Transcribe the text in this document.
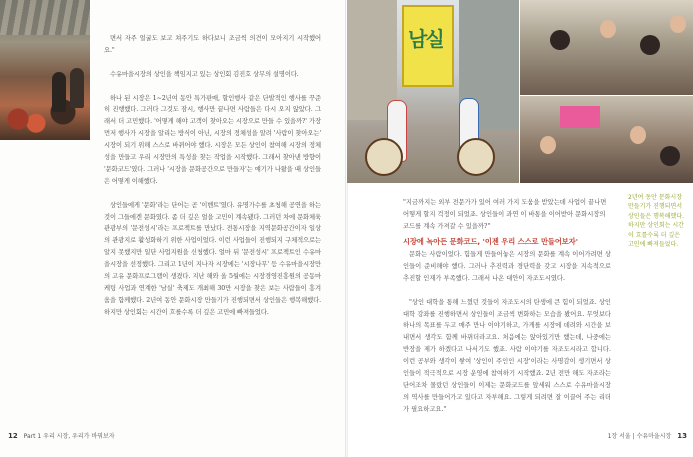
면서 자주 얼굴도 보고 쳐주기도 하다보니 조금씩 의견이 모아지기 시작했어요."

수유마을시장의 상인을 책임지고 있는 상인회 김진호 상무의 설명이다.

하나 된 시장은 1~2년여 동안 특가판매, 할인행사 같은 단발적인 행사를 꾸준히 진행했다. 그러다 그것도 잠시, 행사만 끝나면 사람들은 다시 오지 않았다. 그래서 더 고민했다. '어떻게 해야 고객이 찾아오는 시장으로 만들 수 있을까?' 가장 먼저 행사가 시장을 알리는 방식이 아닌, 시장의 정체성을 알려 '사람이 찾아오는' 시장이 되기 위해 스스로 바뀌어야 했다. 시장은 모든 상인이 참여해 시장의 정체성을 만들고 우리 시장만의 특성을 찾는 작업을 시작했다. 그래서 찾아낸 방향이 '문화코드'였다. 그러나 '시장을 문화공간으로 만들자'는 얘기가 나왔을 때 상인들은 어떻게 이해했다.

상인들에게 '문화'라는 단어는 곧 '이벤트'였다. 유명가수를 초청해 공연을 하는 것이 그들에겐 문화였다. 좀 더 깊은 얼을 고민이 계속됐다. 그러던 차에 문화체육관광부의 '문전성시'라는 프로젝트를 만났다. 전통시장을 지역문화공간이자 일상의 관광지로 활성화하기 위한 사업이었다. 이런 사업들이 진행되지 구체적으로는 알지 못했지만 일단 사업지원을 신청했다. 얼마 뒤 '문전성시' 프로젝트인 수유마을시장을 선정했다. 그리고 1년이 지나자 시장에는 '시장나무' 등 수유마을시장만의 고유 문화프로그램이 생겼다. 지난 해와 올 5월에는 시장경영진흥원의 공동마케팅 사업과 연계한 '남실' 축제도 개최해 30만 시장을 찾은 보는 사람들이 흥겨움을 함께했다. 2년여 동안 문화시장 만들기가 진행되면서 상인들은 행복해했다. 하지만 상인회는 시간이 흐를수록 더 깊은 고민에 빠져들었다.

남실
"지금까지는 외부 전문가가 있어 여러 가지 도움을 받았는데 사업이 끝나면 어떻게 할지 걱정이 되었죠. 상인들이 과연 이 바통을 이어받아 문화시장의 코드를 계속 가져갈 수 있을까?"
시장에 녹아든 문화코드, '이젠 우리 스스로 만들어보자'

문화는 사람이었다. 힘들게 만들어놓은 시장의 문화를 계속 이어가려면 상인들이 준비해야 했다. 그러나 추진력과 경단력을 갖고 시장을 지속적으로 추진할 인재가 부족했다. 그래서 나온 대안이 자조도시였다.

"상인 대학을 통해 느꼈던 것들이 자조도시의 탄생에 큰 힘이 되었죠. 상인대학 강좌를 진행하면서 상인들이 조금씩 변화하는 모습을 봤어요. 무엇보다 하나의 목표를 두고 매주 만나 이야기하고, 가게를 시장에 데려와 시간을 보내면서 생각도 함께 바뀌더라고요. 처음에는 앉아있기만 했는데, 나중에는 반장을 제가 하겠다고 나서기도 했죠. 사람 이야기를 자조도시라고 합니다. 이런 공부와 생각이 쌓여 '상인이 주인인 시장'이라는 사명감이 생기면서 상인들이 적극적으로 시장 운영에 참여하기 시작했죠. 2년 전만 해도 자조라는 단어조차 몰랐던 상인들이 이제는 문화코드를 앞세워 스스로 수유마을시장의 역사를 만들어가고 있다고 자부해요. 그렇게 되려면 잘 이끌어 주는 리더가 필요하고요."

2년여 동안 문화시장 만들기가 진행되면서 상인들은 행복해했다. 하지만 상인회는 시간이 흐를수록 더 깊은 고민에 빠져들었다.
12 Part 1 우리 시장, 우리가 바꿔보자	1장 서울 | 수유마을시장 13
